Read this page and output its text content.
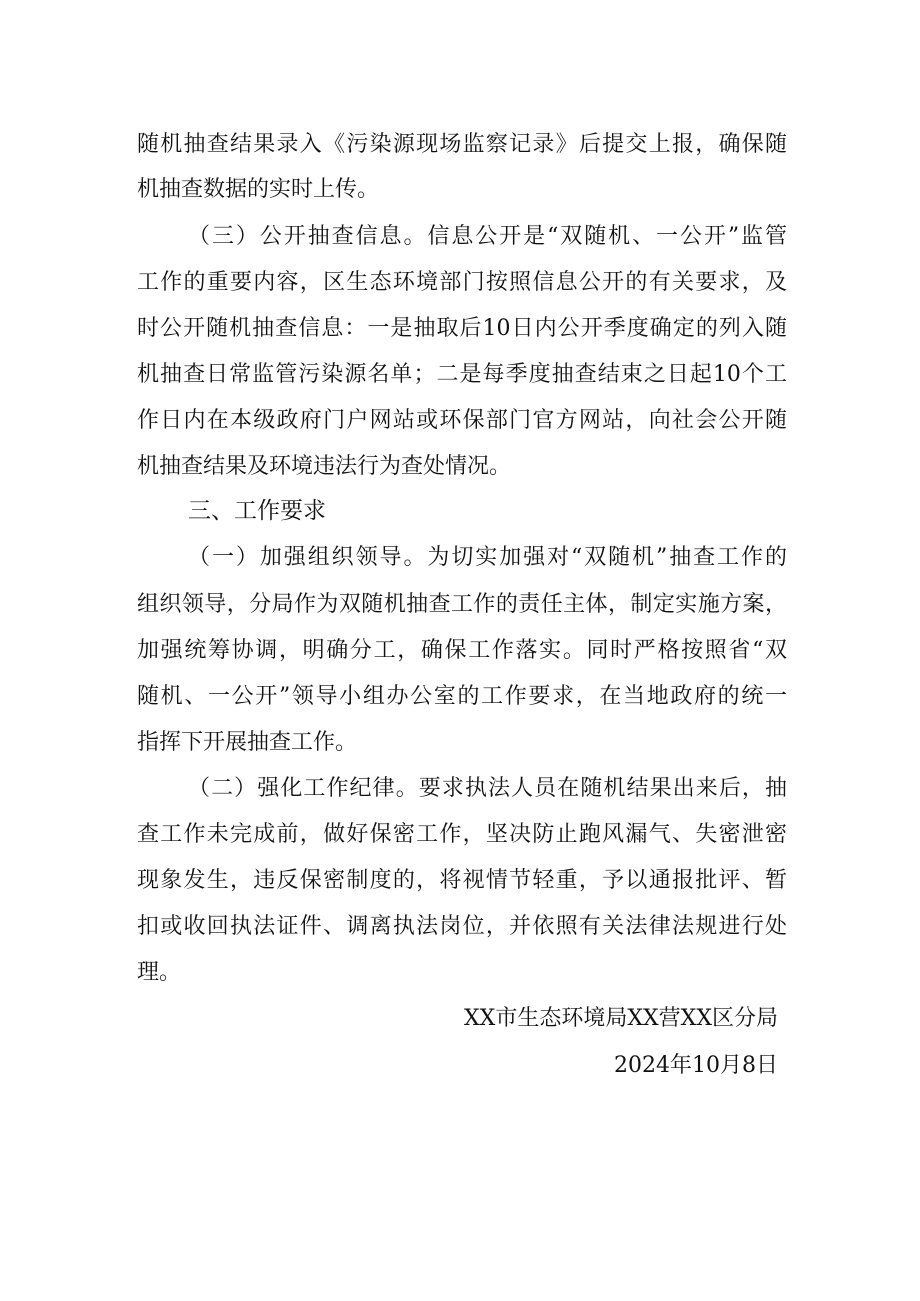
随机抽查结果录入《污染源现场监察记录》后提交上报，确保随
机抽查数据的实时上传。
（三）公开抽查信息。信息公开是“双随机、一公开”监管
工作的重要内容，区生态环境部门按照信息公开的有关要求，及
时公开随机抽查信息：一是抽取后10日内公开季度确定的列入随
机抽查日常监管污染源名单；二是每季度抽查结束之日起10个工
作日内在本级政府门户网站或环保部门官方网站，向社会公开随
机抽查结果及环境违法行为查处情况。
三、工作要求
（一）加强组织领导。为切实加强对“双随机”抽查工作的
组织领导，分局作为双随机抽查工作的责任主体，制定实施方案，
加强统筹协调，明确分工，确保工作落实。同时严格按照省“双
随机、一公开”领导小组办公室的工作要求，在当地政府的统一
指挥下开展抽查工作。
（二）强化工作纪律。要求执法人员在随机结果出来后，抽
查工作未完成前，做好保密工作，坚决防止跑风漏气、失密泄密
现象发生，违反保密制度的，将视情节轻重，予以通报批评、暂
扣或收回执法证件、调离执法岗位，并依照有关法律法规进行处
理。
XX市生态环境局XX营XX区分局
2024年10月8日
